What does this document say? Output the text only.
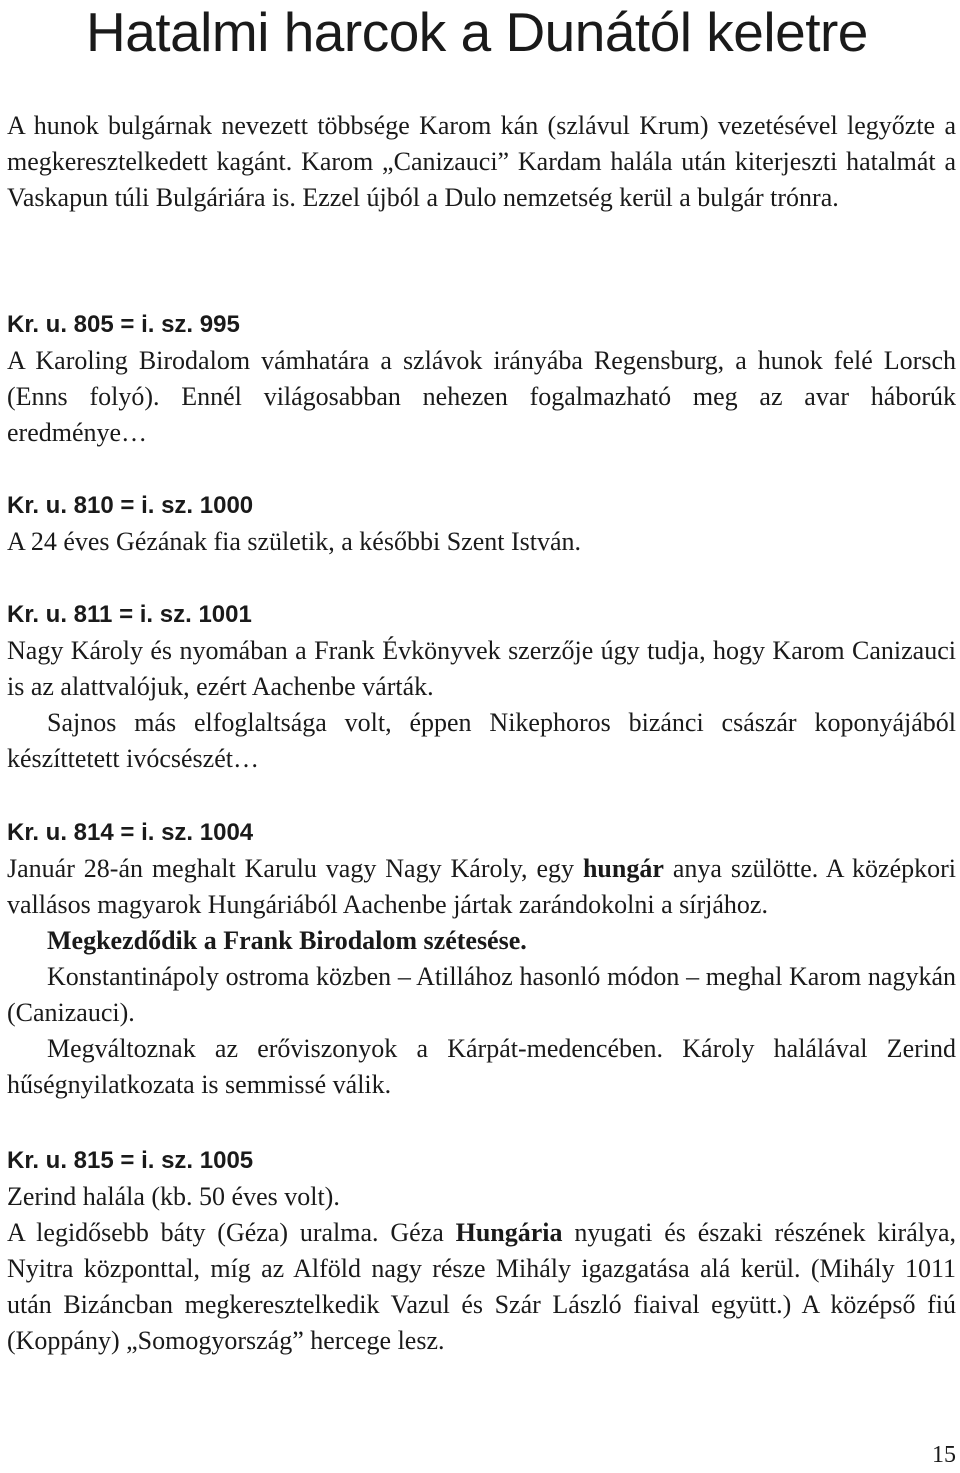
Hatalmi harcok a Dunától keletre

A hunok bulgárnak nevezett többsége Karom kán (szlávul Krum) vezetésével legyőzte a megkeresztelkedett kagánt. Karom „Canizauci” Kardam halála után kiterjeszti hatalmát a Vaskapun túli Bulgáriára is. Ezzel újból a Dulo nemzetség kerül a bulgár trónra.

Kr. u. 805 = i. sz. 995

A Karoling Birodalom vámhatára a szlávok irányába Regensburg, a hunok felé Lorsch (Enns folyó). Ennél világosabban nehezen fogalmazható meg az avar háborúk eredménye…

Kr. u. 810 = i. sz. 1000

A 24 éves Gézának fia születik, a későbbi Szent István.

Kr. u. 811 = i. sz. 1001

Nagy Károly és nyomában a Frank Évkönyvek szerzője úgy tudja, hogy Karom Canizauci is az alattvalójuk, ezért Aachenbe várták.

Sajnos más elfoglaltsága volt, éppen Nikephoros bizánci császár koponyájából készíttetett ivócsészét…

Kr. u. 814 = i. sz. 1004

Január 28-án meghalt Karulu vagy Nagy Károly, egy hungár anya szülötte. A középkori vallásos magyarok Hungáriából Aachenbe jártak zarándokolni a sírjához.

Megkezdődik a Frank Birodalom szétesése.

Konstantinápoly ostroma közben – Atillához hasonló módon – meghal Karom nagykán (Canizauci).

Megváltoznak az erőviszonyok a Kárpát-medencében. Károly halálával Zerind hűségnyilatkozata is semmissé válik.

Kr. u. 815 = i. sz. 1005

Zerind halála (kb. 50 éves volt).

A legidősebb báty (Géza) uralma. Géza Hungária nyugati és északi részének királya, Nyitra központtal, míg az Alföld nagy része Mihály igazgatása alá kerül. (Mihály 1011 után Bizáncban megkeresztelkedik Vazul és Szár László fiaival együtt.) A középső fiú (Koppány) „Somogyország” hercege lesz.

15
